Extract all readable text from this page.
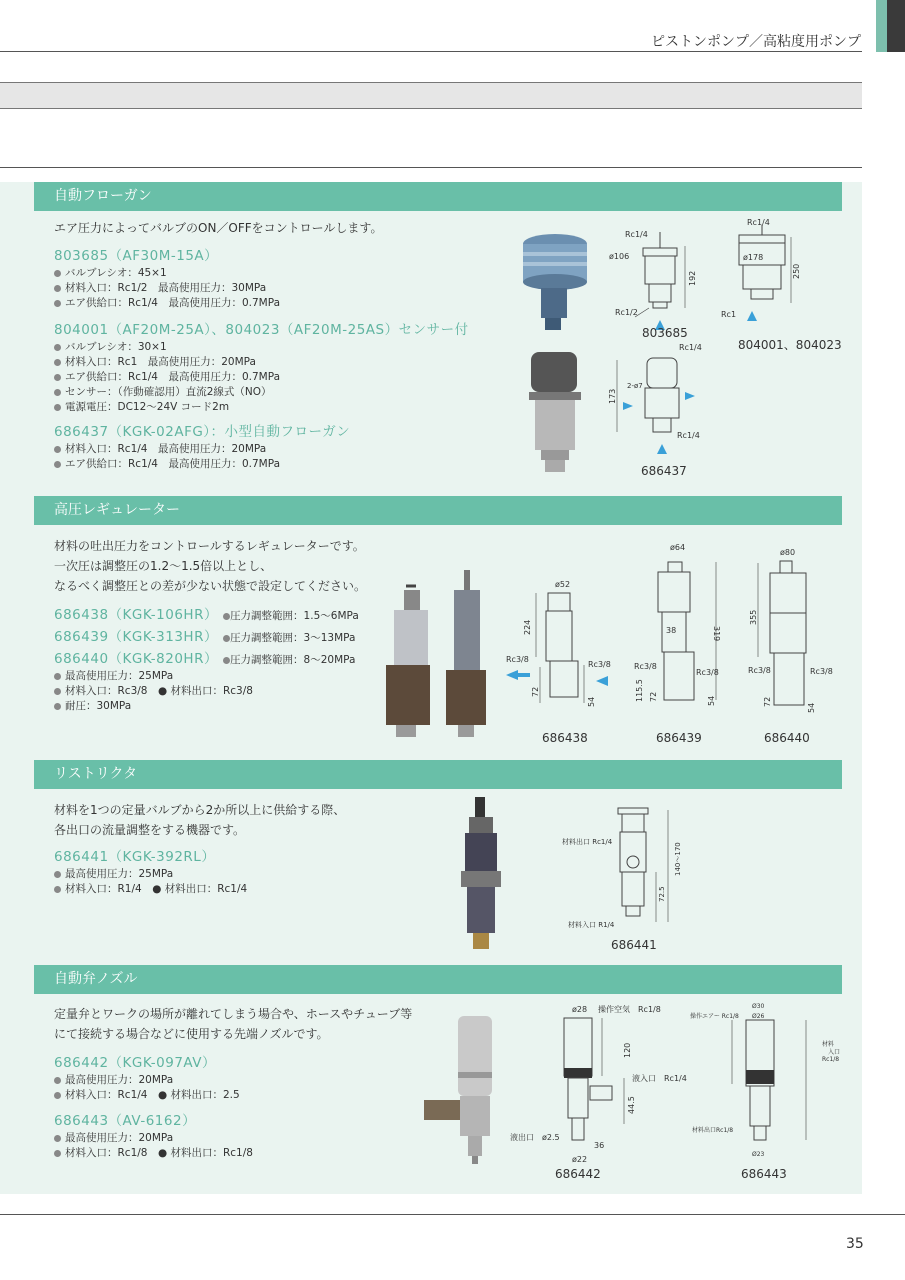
ピストンポンプ／高粘度用ポンプ
自動フローガン
エア圧力によってバルブのON／OFFをコントロールします。
803685（AF30M-15A）
バルブレシオ：45×1
材料入口：Rc1/2　最高使用圧力：30MPa
エア供給口：Rc1/4　最高使用圧力：0.7MPa
804001（AF20M-25A）、804023（AF20M-25AS）センサー付
バルブレシオ：30×1
材料入口：Rc1　最高使用圧力：20MPa
エア供給口：Rc1/4　最高使用圧力：0.7MPa
センサー：（作動確認用）直流2線式（NO）
電源電圧：DC12〜24V コード2m
686437（KGK-02AFG）：小型自動フローガン
材料入口：Rc1/4　最高使用圧力：20MPa
エア供給口：Rc1/4　最高使用圧力：0.7MPa
Rc1/4
ø106
192
Rc1/2
803685
Rc1/4
ø178
250
Rc1
804001、804023
Rc1/4
173
2-ø7
Rc1/4
686437
高圧レギュレーター
材料の吐出圧力をコントロールするレギュレーターです。
一次圧は調整圧の1.2〜1.5倍以上とし、
なるべく調整圧との差が少ない状態で設定してください。
686438（KGK-106HR） 圧力調整範囲：1.5〜6MPa
686439（KGK-313HR） 圧力調整範囲：3〜13MPa
686440（KGK-820HR） 圧力調整範囲：8〜20MPa
最高使用圧力：25MPa
材料入口：Rc3/8　● 材料出口：Rc3/8
耐圧：30MPa
ø52
224
Rc3/8
Rc3/8
72
54
686438
ø64
319
38
Rc3/8
Rc3/8
115.5 72	54
686439
ø80
355
Rc3/8	Rc3/8
72
54
686440
リストリクタ
材料を1つの定量バルブから2か所以上に供給する際、
各出口の流量調整をする機器です。
686441（KGK-392RL）
最高使用圧力：25MPa
材料入口：R1/4　● 材料出口：Rc1/4
材料出口 Rc1/4
材料入口 R1/4
140〜170
72.5
686441
自動弁ノズル
定量弁とワークの場所が離れてしまう場合や、ホースやチューブ等
にて接続する場合などに使用する先端ノズルです。
686442（KGK-097AV）
最高使用圧力：20MPa
材料入口：Rc1/4　● 材料出口：2.5
686443（AV-6162）
最高使用圧力：20MPa
材料入口：Rc1/8　● 材料出口：Rc1/8
ø28 操作空気　Rc1/8
120
液入口　Rc1/4
44.5
液出口　ø2.5
36
ø22
686442
操作エアー Rc1/8
Ø30
Ø26
材料
入口
Rc1/8
材料出口Rc1/8
Ø23
686443
35
